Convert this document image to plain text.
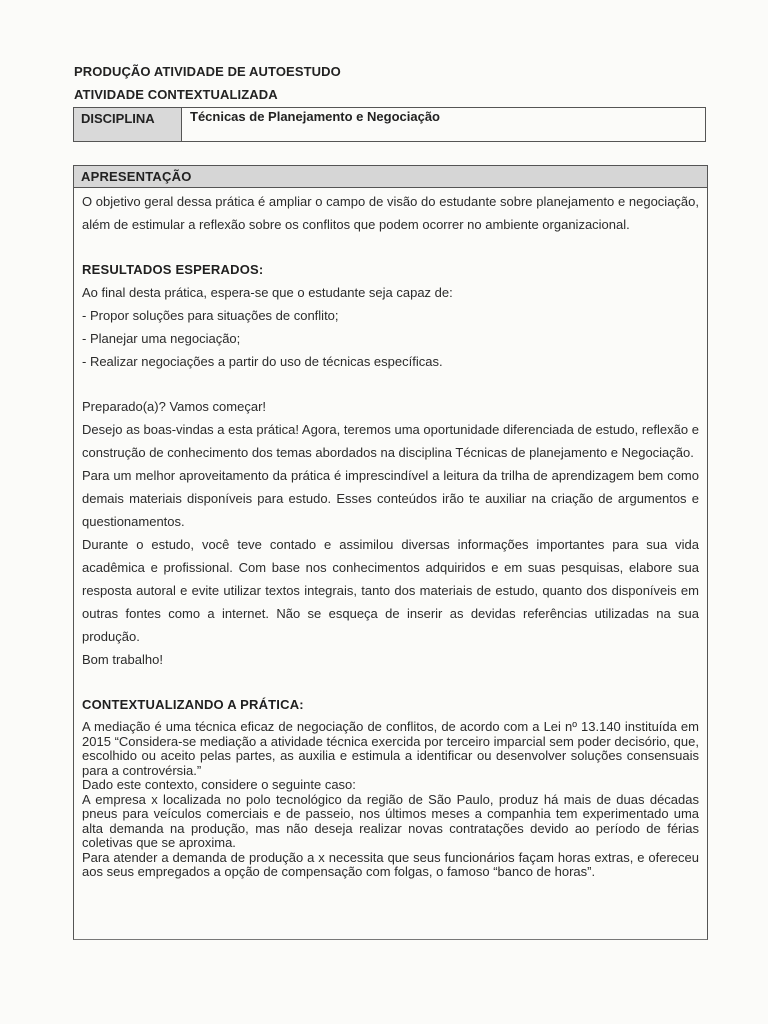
PRODUÇÃO ATIVIDADE DE AUTOESTUDO
ATIVIDADE CONTEXTUALIZADA
DISCIPLINA	Técnicas de Planejamento e Negociação
APRESENTAÇÃO

O objetivo geral dessa prática é ampliar o campo de visão do estudante sobre planejamento e negociação, além de estimular a reflexão sobre os conflitos que podem ocorrer no ambiente organizacional.

RESULTADOS ESPERADOS:

Ao final desta prática, espera-se que o estudante seja capaz de:

- Propor soluções para situações de conflito;

- Planejar uma negociação;

- Realizar negociações a partir do uso de técnicas específicas.

Preparado(a)? Vamos começar!

Desejo as boas-vindas a esta prática! Agora, teremos uma oportunidade diferenciada de estudo, reflexão e construção de conhecimento dos temas abordados na disciplina Técnicas de planejamento e Negociação.

Para um melhor aproveitamento da prática é imprescindível a leitura da trilha de aprendizagem bem como demais materiais disponíveis para estudo. Esses conteúdos irão te auxiliar na criação de argumentos e questionamentos.

Durante o estudo, você teve contado e assimilou diversas informações importantes para sua vida acadêmica e profissional. Com base nos conhecimentos adquiridos e em suas pesquisas, elabore sua resposta autoral e evite utilizar textos integrais, tanto dos materiais de estudo, quanto dos disponíveis em outras fontes como a internet. Não se esqueça de inserir as devidas referências utilizadas na sua produção.

Bom trabalho!

CONTEXTUALIZANDO A PRÁTICA:

A mediação é uma técnica eficaz de negociação de conflitos, de acordo com a Lei nº 13.140 instituída em 2015 “Considera-se mediação a atividade técnica exercida por terceiro imparcial sem poder decisório, que, escolhido ou aceito pelas partes, as auxilia e estimula a identificar ou desenvolver soluções consensuais para a controvérsia.”

Dado este contexto, considere o seguinte caso:

A empresa x localizada no polo tecnológico da região de São Paulo, produz há mais de duas décadas pneus para veículos comerciais e de passeio, nos últimos meses a companhia tem experimentado uma alta demanda na produção, mas não deseja realizar novas contratações devido ao período de férias coletivas que se aproxima.

Para atender a demanda de produção a x necessita que seus funcionários façam horas extras, e ofereceu aos seus empregados a opção de compensação com folgas, o famoso “banco de horas”.
